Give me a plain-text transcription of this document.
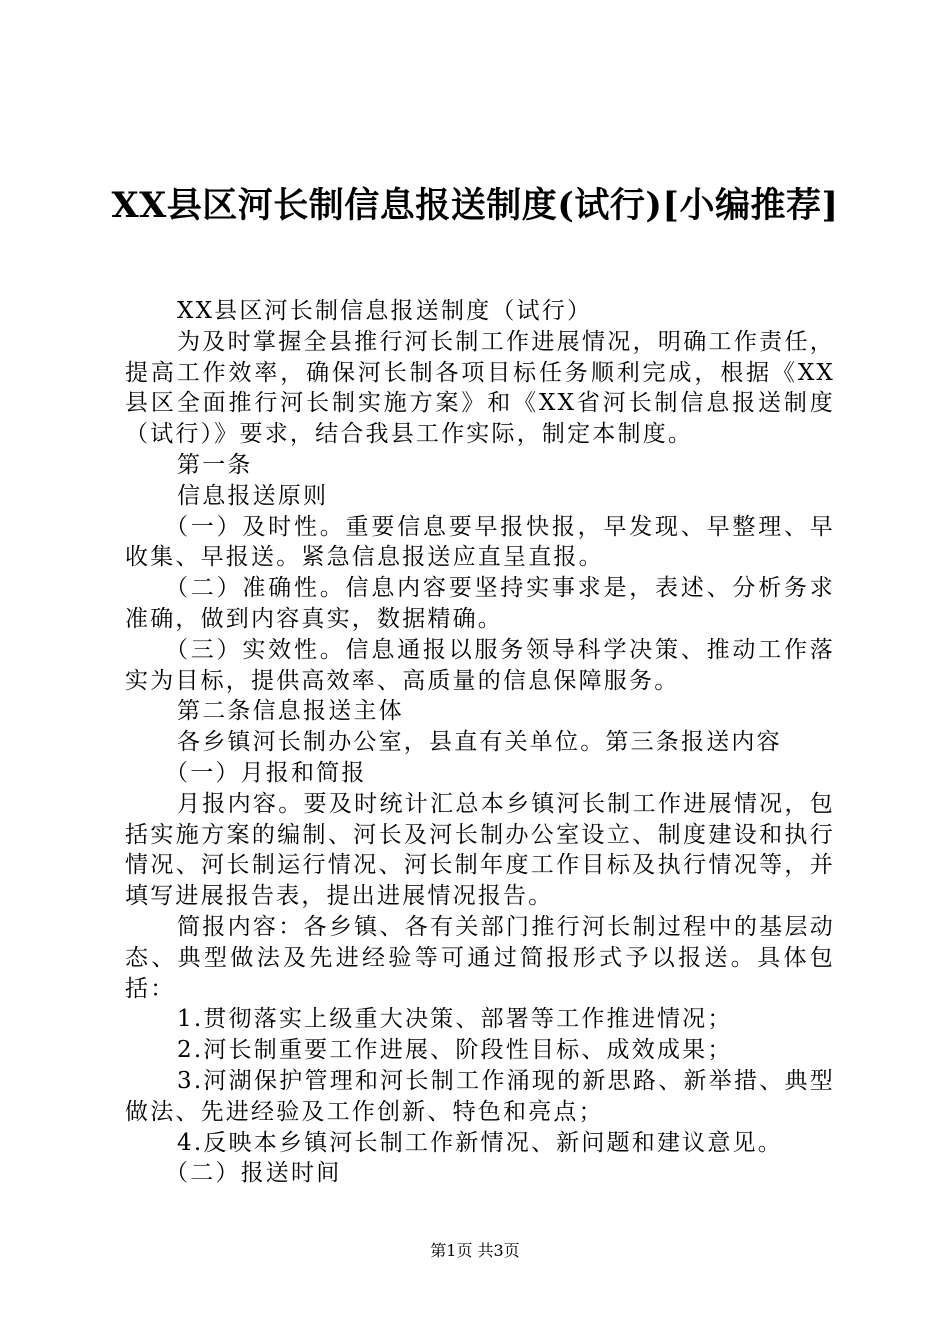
XX县区河长制信息报送制度(试行)[小编推荐]

XX县区河长制信息报送制度（试行）

为及时掌握全县推行河长制工作进展情况，明确工作责任，提高工作效率，确保河长制各项目标任务顺利完成，根据《XX县区全面推行河长制实施方案》和《XX省河长制信息报送制度（试行）》要求，结合我县工作实际，制定本制度。

第一条

信息报送原则

（一）及时性。重要信息要早报快报，早发现、早整理、早收集、早报送。紧急信息报送应直呈直报。

（二）准确性。信息内容要坚持实事求是，表述、分析务求准确，做到内容真实，数据精确。

（三）实效性。信息通报以服务领导科学决策、推动工作落实为目标，提供高效率、高质量的信息保障服务。

第二条信息报送主体

各乡镇河长制办公室，县直有关单位。第三条报送内容

（一）月报和简报

月报内容。要及时统计汇总本乡镇河长制工作进展情况，包括实施方案的编制、河长及河长制办公室设立、制度建设和执行情况、河长制运行情况、河长制年度工作目标及执行情况等，并填写进展报告表，提出进展情况报告。

简报内容：各乡镇、各有关部门推行河长制过程中的基层动态、典型做法及先进经验等可通过简报形式予以报送。具体包括：

1.贯彻落实上级重大决策、部署等工作推进情况；

2.河长制重要工作进展、阶段性目标、成效成果；

3.河湖保护管理和河长制工作涌现的新思路、新举措、典型做法、先进经验及工作创新、特色和亮点；

4.反映本乡镇河长制工作新情况、新问题和建议意见。

（二）报送时间

第1页 共3页
